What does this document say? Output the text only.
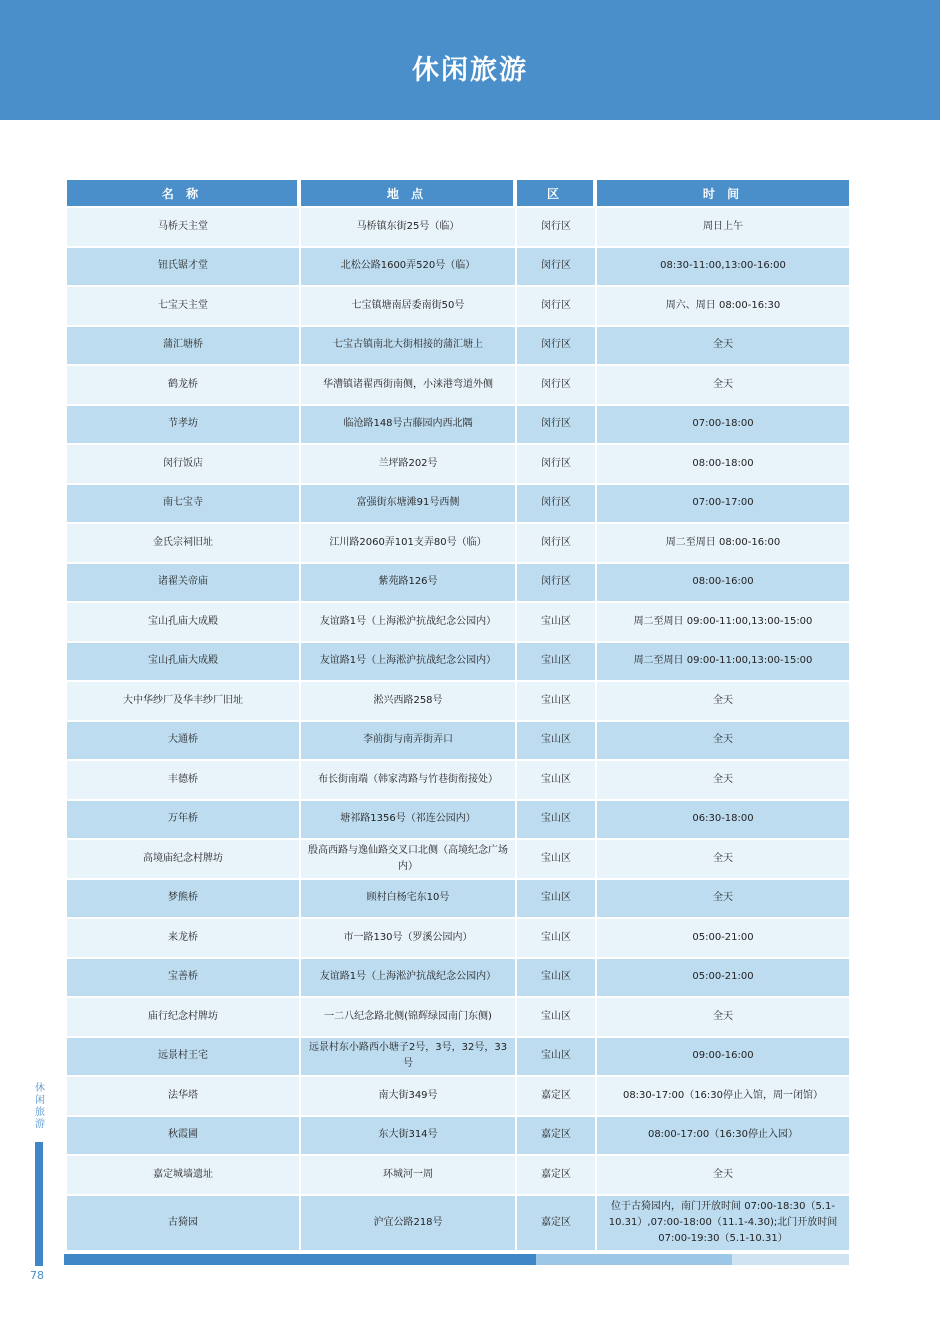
休闲旅游
名 称	地 点	区	时 间
马桥天主堂	马桥镇东街25号（临）	闵行区	周日上午
钮氏锯才堂	北松公路1600弄520号（临）	闵行区	08:30-11:00,13:00-16:00
七宝天主堂	七宝镇塘南居委南街50号	闵行区	周六、周日 08:00-16:30
蒲汇塘桥	七宝古镇南北大街相接的蒲汇塘上	闵行区	全天
鹤龙桥	华漕镇诸翟西街南侧，小涞港弯道外侧	闵行区	全天
节孝坊	临沧路148号古藤园内西北隅	闵行区	07:00-18:00
闵行饭店	兰坪路202号	闵行区	08:00-18:00
南七宝寺	富强街东塘滩91号西侧	闵行区	07:00-17:00
金氏宗祠旧址	江川路2060弄101支弄80号（临）	闵行区	周二至周日 08:00-16:00
诸翟关帝庙	紫苑路126号	闵行区	08:00-16:00
宝山孔庙大成殿	友谊路1号（上海淞沪抗战纪念公园内）	宝山区	周二至周日 09:00-11:00,13:00-15:00
宝山孔庙大成殿	友谊路1号（上海淞沪抗战纪念公园内）	宝山区	周二至周日 09:00-11:00,13:00-15:00
大中华纱厂及华丰纱厂旧址	淞兴西路258号	宝山区	全天
大通桥	李前街与南弄街弄口	宝山区	全天
丰德桥	布长街南端（韩家湾路与竹巷街衔接处）	宝山区	全天
万年桥	塘祁路1356号（祁连公园内）	宝山区	06:30-18:00
高境庙纪念村牌坊	殷高西路与逸仙路交叉口北侧（高境纪念广场内）	宝山区	全天
梦熊桥	顾村白杨宅东10号	宝山区	全天
来龙桥	市一路130号（罗溪公园内）	宝山区	05:00-21:00
宝善桥	友谊路1号（上海淞沪抗战纪念公园内）	宝山区	05:00-21:00
庙行纪念村牌坊	一二八纪念路北侧(锦辉绿园南门东侧)	宝山区	全天
远景村王宅	远景村东小路西小塘子2号，3号，32号，33号	宝山区	09:00-16:00
法华塔	南大街349号	嘉定区	08:30-17:00（16:30停止入馆，周一闭馆）
秋霞圃	东大街314号	嘉定区	08:00-17:00（16:30停止入园）
嘉定城墙遗址	环城河一周	嘉定区	全天
古猗园	沪宜公路218号	嘉定区	位于古猗园内，南门开放时间 07:00-18:30（5.1-10.31）,07:00-18:00（11.1-4.30);北门开放时间 07:00-19:30（5.1-10.31）
休闲旅游
78
